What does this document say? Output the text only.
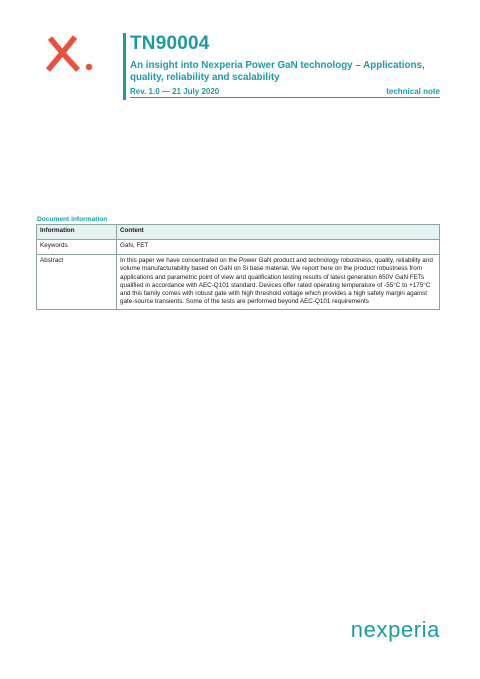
TN90004
An insight into Nexperia Power GaN technology – Applications, quality, reliability and scalability
Rev. 1.0 — 21 July 2020	technical note
Document information
Information	Content
Keywords	GaN, FET
Abstract	In this paper we have concentrated on the Power GaN product and technology robustness, quality, reliability and volume manufacturability based on GaN on Si base material. We report here on the product robustness from applications and parametric point of view and qualification testing results of latest generation 650V GaN FETs qualified in accordance with AEC-Q101 standard. Devices offer rated operating temperature of -55°C to +175°C and this family comes with robust gate with high threshold voltage which provides a high safety margin against gate-source transients. Some of the tests are performed beyond AEC-Q101 requirements
nexperia
